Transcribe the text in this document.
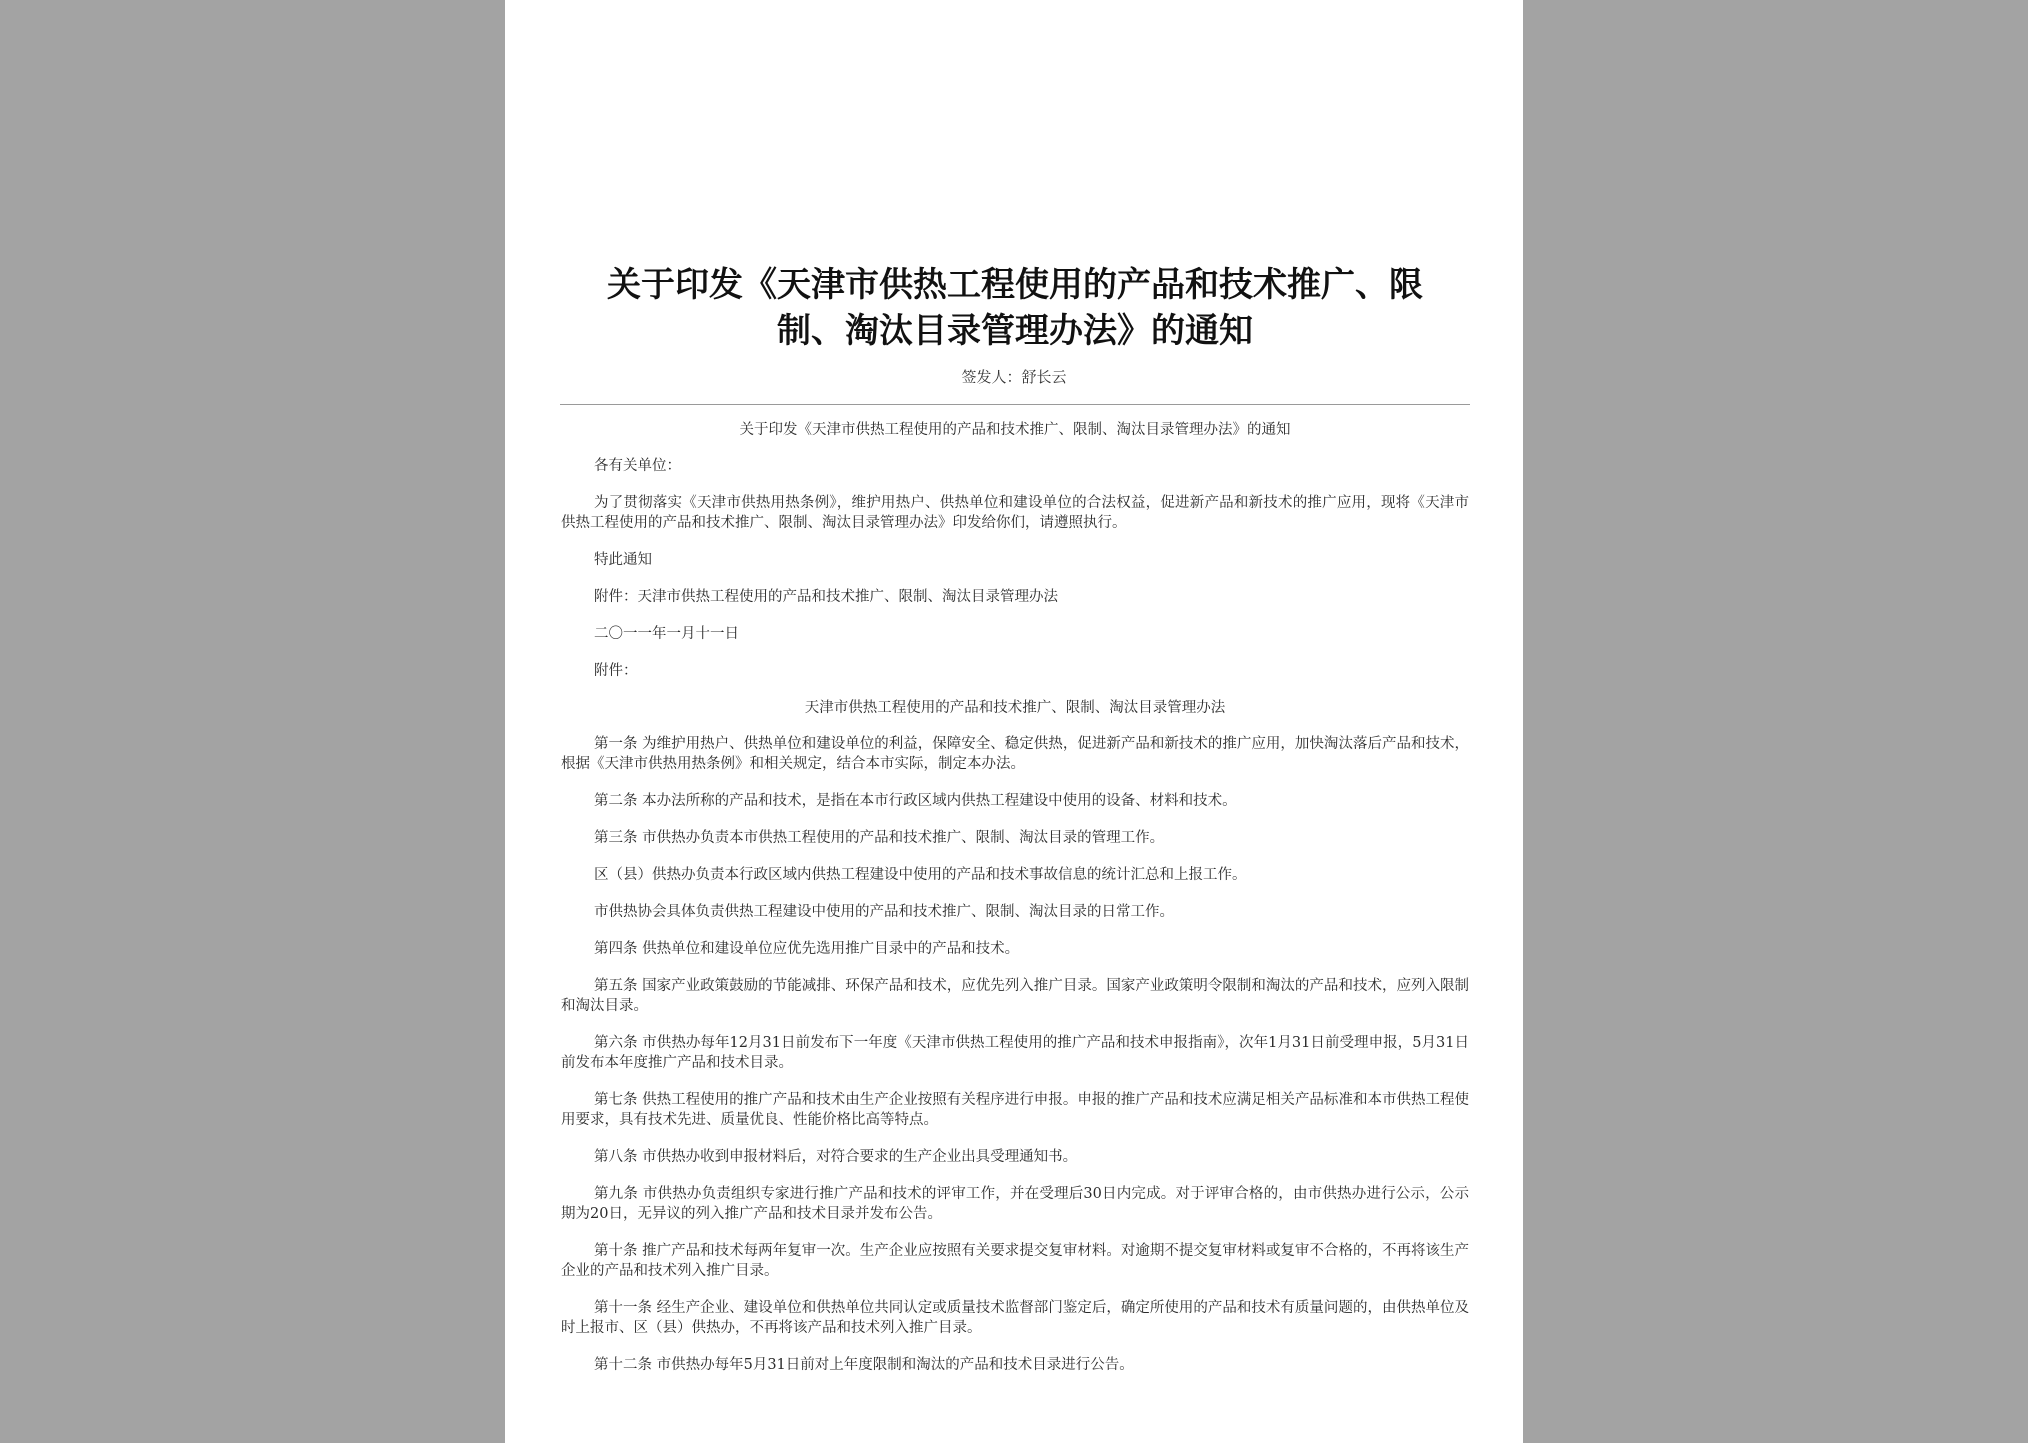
关于印发《天津市供热工程使用的产品和技术推广、限
制、淘汰目录管理办法》的通知
签发人：舒长云

关于印发《天津市供热工程使用的产品和技术推广、限制、淘汰目录管理办法》的通知

各有关单位：

为了贯彻落实《天津市供热用热条例》，维护用热户、供热单位和建设单位的合法权益，促进新产品和新技术的推广应用，现将《天津市供热工程使用的产品和技术推广、限制、淘汰目录管理办法》印发给你们，请遵照执行。

特此通知

附件：天津市供热工程使用的产品和技术推广、限制、淘汰目录管理办法

二〇一一年一月十一日

附件：

天津市供热工程使用的产品和技术推广、限制、淘汰目录管理办法

第一条 为维护用热户、供热单位和建设单位的利益，保障安全、稳定供热，促进新产品和新技术的推广应用，加快淘汰落后产品和技术，根据《天津市供热用热条例》和相关规定，结合本市实际，制定本办法。

第二条 本办法所称的产品和技术，是指在本市行政区域内供热工程建设中使用的设备、材料和技术。

第三条 市供热办负责本市供热工程使用的产品和技术推广、限制、淘汰目录的管理工作。

区（县）供热办负责本行政区域内供热工程建设中使用的产品和技术事故信息的统计汇总和上报工作。

市供热协会具体负责供热工程建设中使用的产品和技术推广、限制、淘汰目录的日常工作。

第四条 供热单位和建设单位应优先选用推广目录中的产品和技术。

第五条 国家产业政策鼓励的节能减排、环保产品和技术，应优先列入推广目录。国家产业政策明令限制和淘汰的产品和技术，应列入限制和淘汰目录。

第六条 市供热办每年12月31日前发布下一年度《天津市供热工程使用的推广产品和技术申报指南》，次年1月31日前受理申报，5月31日前发布本年度推广产品和技术目录。

第七条 供热工程使用的推广产品和技术由生产企业按照有关程序进行申报。申报的推广产品和技术应满足相关产品标准和本市供热工程使用要求，具有技术先进、质量优良、性能价格比高等特点。

第八条 市供热办收到申报材料后，对符合要求的生产企业出具受理通知书。

第九条 市供热办负责组织专家进行推广产品和技术的评审工作，并在受理后30日内完成。对于评审合格的，由市供热办进行公示，公示期为20日，无异议的列入推广产品和技术目录并发布公告。

第十条 推广产品和技术每两年复审一次。生产企业应按照有关要求提交复审材料。对逾期不提交复审材料或复审不合格的，不再将该生产企业的产品和技术列入推广目录。

第十一条 经生产企业、建设单位和供热单位共同认定或质量技术监督部门鉴定后，确定所使用的产品和技术有质量问题的，由供热单位及时上报市、区（县）供热办，不再将该产品和技术列入推广目录。

第十二条 市供热办每年5月31日前对上年度限制和淘汰的产品和技术目录进行公告。
